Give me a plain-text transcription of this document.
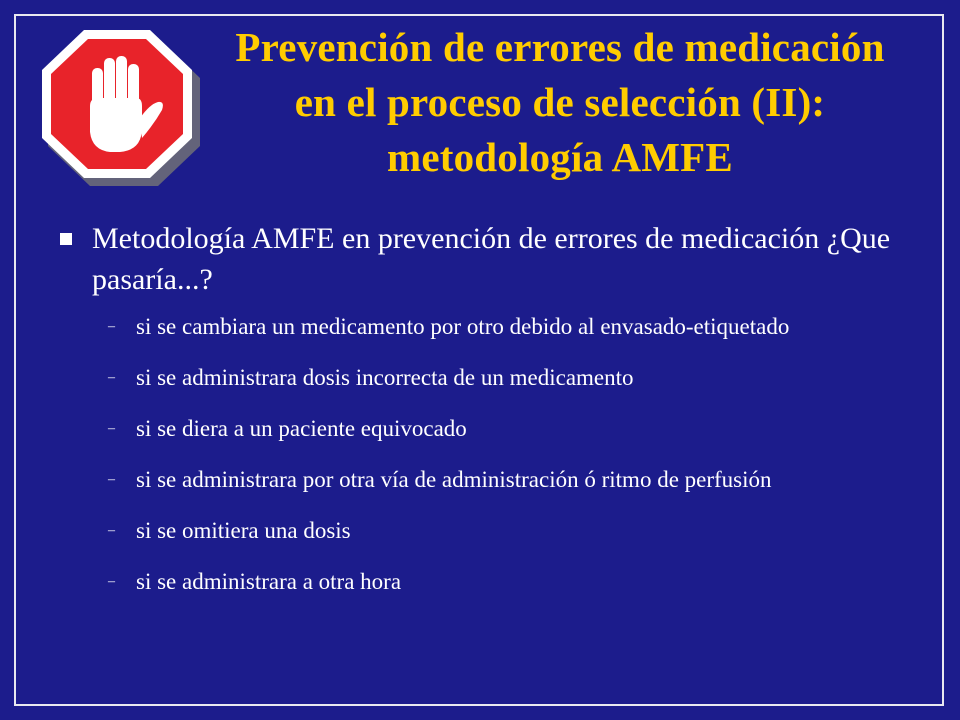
Prevención de errores de medicación
en el proceso de selección (II):
metodología AMFE
Metodología AMFE en prevención de errores de medicación ¿Que pasaría...?
– si se cambiara un medicamento por otro debido al envasado-etiquetado
– si se administrara dosis incorrecta de un medicamento
– si se diera a un paciente equivocado
– si se administrara por otra vía de administración ó ritmo de perfusión
– si se omitiera una dosis
– si se administrara a otra hora
